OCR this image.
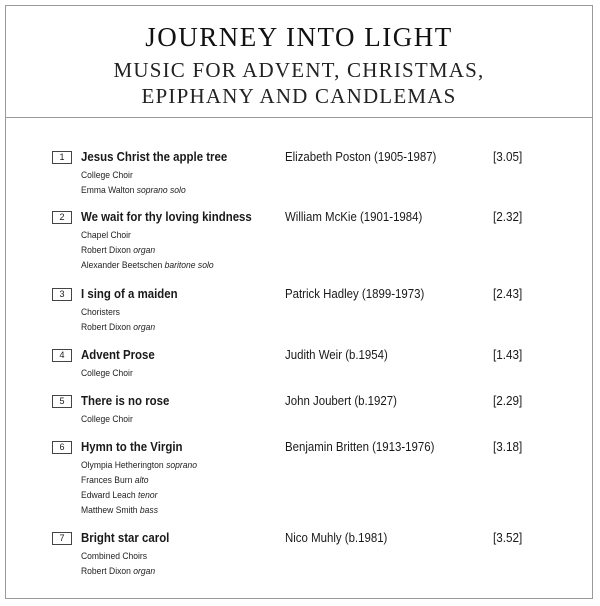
JOURNEY INTO LIGHT
MUSIC FOR ADVENT, CHRISTMAS,
EPIPHANY AND CANDLEMAS
1	Jesus Christ the apple tree	Elizabeth Poston (1905-1987)	[3.05]
College Choir
Emma Walton soprano solo
2	We wait for thy loving kindness	William McKie (1901-1984)	[2.32]
Chapel Choir
Robert Dixon organ
Alexander Beetschen baritone solo
3	I sing of a maiden	Patrick Hadley (1899-1973)	[2.43]
Choristers
Robert Dixon organ
4	Advent Prose	Judith Weir (b.1954)	[1.43]
College Choir
5	There is no rose	John Joubert (b.1927)	[2.29]
College Choir
6	Hymn to the Virgin	Benjamin Britten (1913-1976)	[3.18]
Olympia Hetherington soprano
Frances Burn alto
Edward Leach tenor
Matthew Smith bass
7	Bright star carol	Nico Muhly (b.1981)	[3.52]
Combined Choirs
Robert Dixon organ
